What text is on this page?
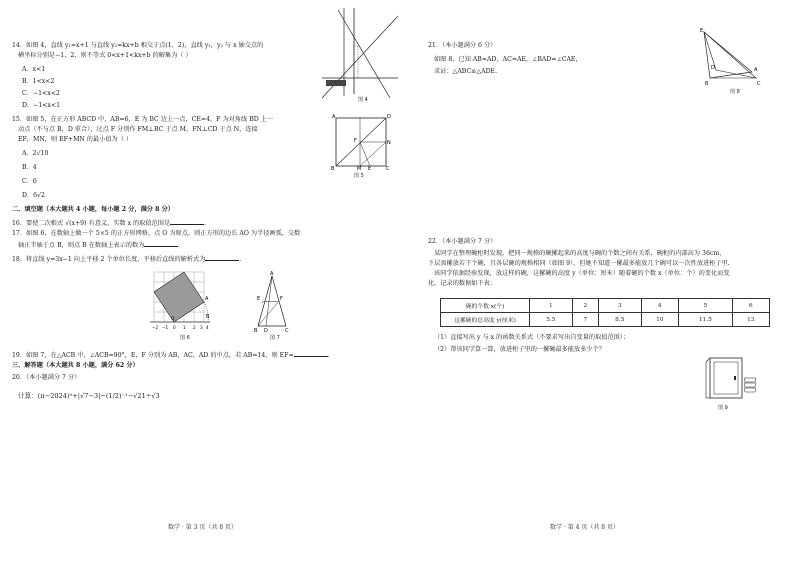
14．如图 4，直线 y₁=x+1 与直线 y₂=kx+b 相交于点(1，2)，直线 y₁，y₂ 与 x 轴交点的
横坐标分别是−1，2，则不等式 0<x+1<kx+b 的解集为（ ）
A．x<1
B．1<x<2
C．−1<x<2
D．−1<x<1
图 4
15．如图 5，在正方形 ABCD 中，AB=6，E 为 BC 边上一点，CE=4，F 为对角线 BD 上一
动点（不与点 B，D 重合），过点 F 分别作 FM⊥BC 于点 M，FN⊥CD 于点 N，连接
EF，MN，则 EF+MN 的最小值为（ ）
A．2√10
B．4
C．6
D．6√2
A	D
F	N
B	M E	C
图 5
二、填空题（本大题共 4 小题，每小题 2 分，满分 8 分）
16．要使二次根式 √(x+9) 有意义，实数 x 的取值范围是	．
17．如图 6，在数轴上做一个 5×5 的正方形网格，点 O 为原点，则正方形的边长 AO 为半径画弧，交数
轴正半轴于点 B，则点 B 在数轴上表示的数为	．
18．将直线 y=3x−1 向上平移 2 个单位长度，平移后直线的解析式为	．
A
B
O
−2 −1 0 1 2 3 4
图 6
A
F
E
B D	C
图 7
19．如图 7，在△ACB 中，∠ACB=90°，E，F 分别为 AB，AC，AD 的中点，若 AB=14，则 EF=	．
三、解答题（本大题共 8 小题，满分 62 分）
20．（本小题满分 7 分）
计算：(π−2024)⁰+|√7−3|−(1/2)⁻¹−√21÷√3
数学 · 第 3 页（共 8 页）
21．（本小题满分 6 分）
如图 8，已知 AB=AD，AC=AE，∠BAD=∠CAE，
求证：△ABC≌△ADE.
E
A
D
B	C
图 8
22．（本小题满分 7 分）
某同学在整理碗柜时发现，把同一规格的碗摞起来的高度与碗的个数之间有关系，碗柜的内部高为 36cm，
下层需摞放若干个碗，且各层碗的规格相同（如图 9），但她不知道一摞最多能放几个碗可以一次性放进柜子里.
该同学依据经验发现，放这样的碗，这摞碗的高度 y（单位：厘米）随着碗的个数 x（单位：个）的变化而变
化，记录的数据如下表：
碗的个数 x(个)	1	2	3	4	5	6
这摞碗的总高度 y(厘米)	5.5	7	8.5	10	11.5	13
（1）直接写出 y 与 x 的函数关系式（不要求写出自变量的取值范围）；
（2）帮该同学算一算，放进柜子里的一摞碗最多能放多少个？
图 9
数学 · 第 4 页（共 8 页）
